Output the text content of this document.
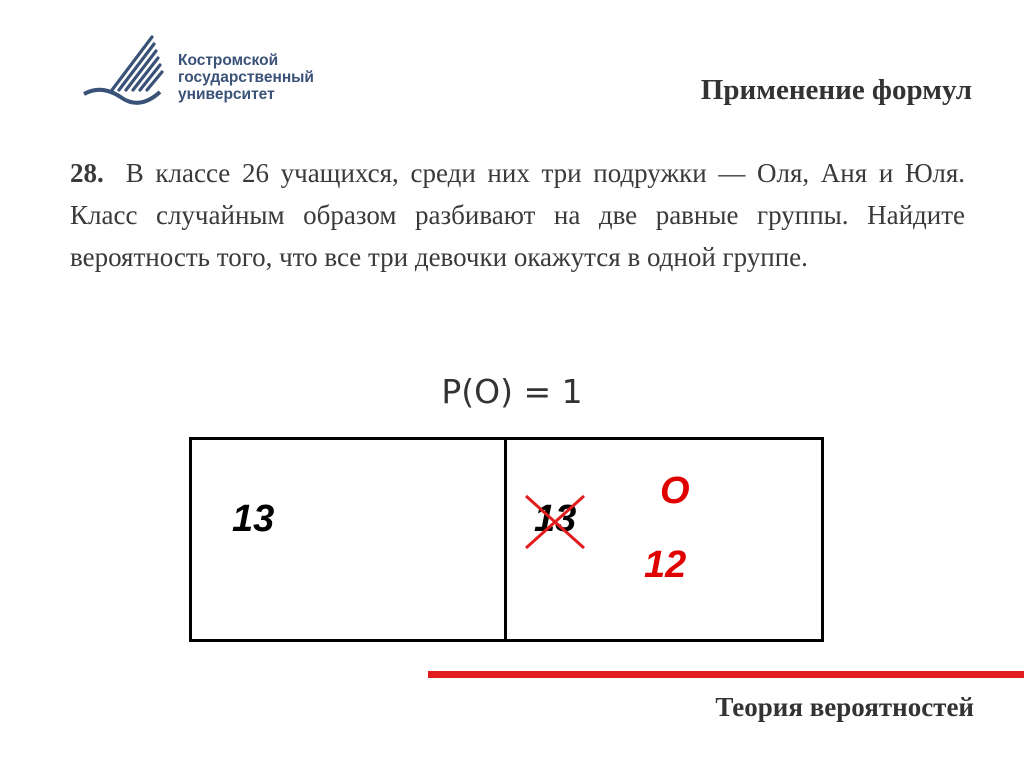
Костромской
государственный
университет	Применение формул
28. В классе 26 учащихся, среди них три подружки — Оля, Аня и Юля. Класс случайным образом разбивают на две равные группы. Найдите вероятность того, что все три девочки окажутся в одной группе.
P(O) = 1
13	13
O
12
Теория вероятностей
